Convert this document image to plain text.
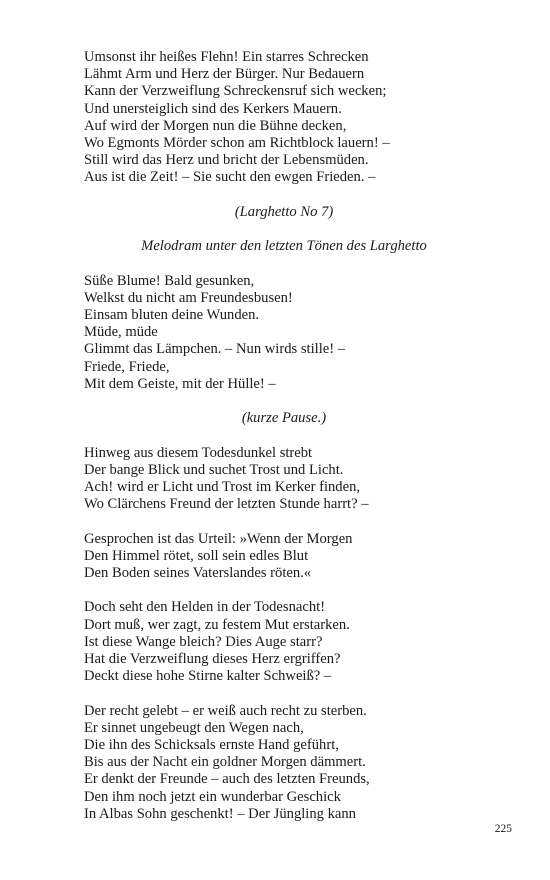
Umsonst ihr heißes Flehn! Ein starres Schrecken
Lähmt Arm und Herz der Bürger. Nur Bedauern
Kann der Verzweiflung Schreckensruf sich wecken;
Und unersteiglich sind des Kerkers Mauern.
Auf wird der Morgen nun die Bühne decken,
Wo Egmonts Mörder schon am Richtblock lauern! –
Still wird das Herz und bricht der Lebensmüden.
Aus ist die Zeit! – Sie sucht den ewgen Frieden. –
(Larghetto No 7)
Melodram unter den letzten Tönen des Larghetto
Süße Blume! Bald gesunken,
Welkst du nicht am Freundesbusen!
Einsam bluten deine Wunden.
Müde, müde
Glimmt das Lämpchen. – Nun wirds stille! –
Friede, Friede,
Mit dem Geiste, mit der Hülle! –
(kurze Pause.)
Hinweg aus diesem Todesdunkel strebt
Der bange Blick und suchet Trost und Licht.
Ach! wird er Licht und Trost im Kerker finden,
Wo Clärchens Freund der letzten Stunde harrt? –
Gesprochen ist das Urteil: »Wenn der Morgen
Den Himmel rötet, soll sein edles Blut
Den Boden seines Vaterslandes röten.«
Doch seht den Helden in der Todesnacht!
Dort muß, wer zagt, zu festem Mut erstarken.
Ist diese Wange bleich? Dies Auge starr?
Hat die Verzweiflung dieses Herz ergriffen?
Deckt diese hohe Stirne kalter Schweiß? –
Der recht gelebt – er weiß auch recht zu sterben.
Er sinnet ungebeugt den Wegen nach,
Die ihn des Schicksals ernste Hand geführt,
Bis aus der Nacht ein goldner Morgen dämmert.
Er denkt der Freunde – auch des letzten Freunds,
Den ihm noch jetzt ein wunderbar Geschick
In Albas Sohn geschenkt! – Der Jüngling kann
225
